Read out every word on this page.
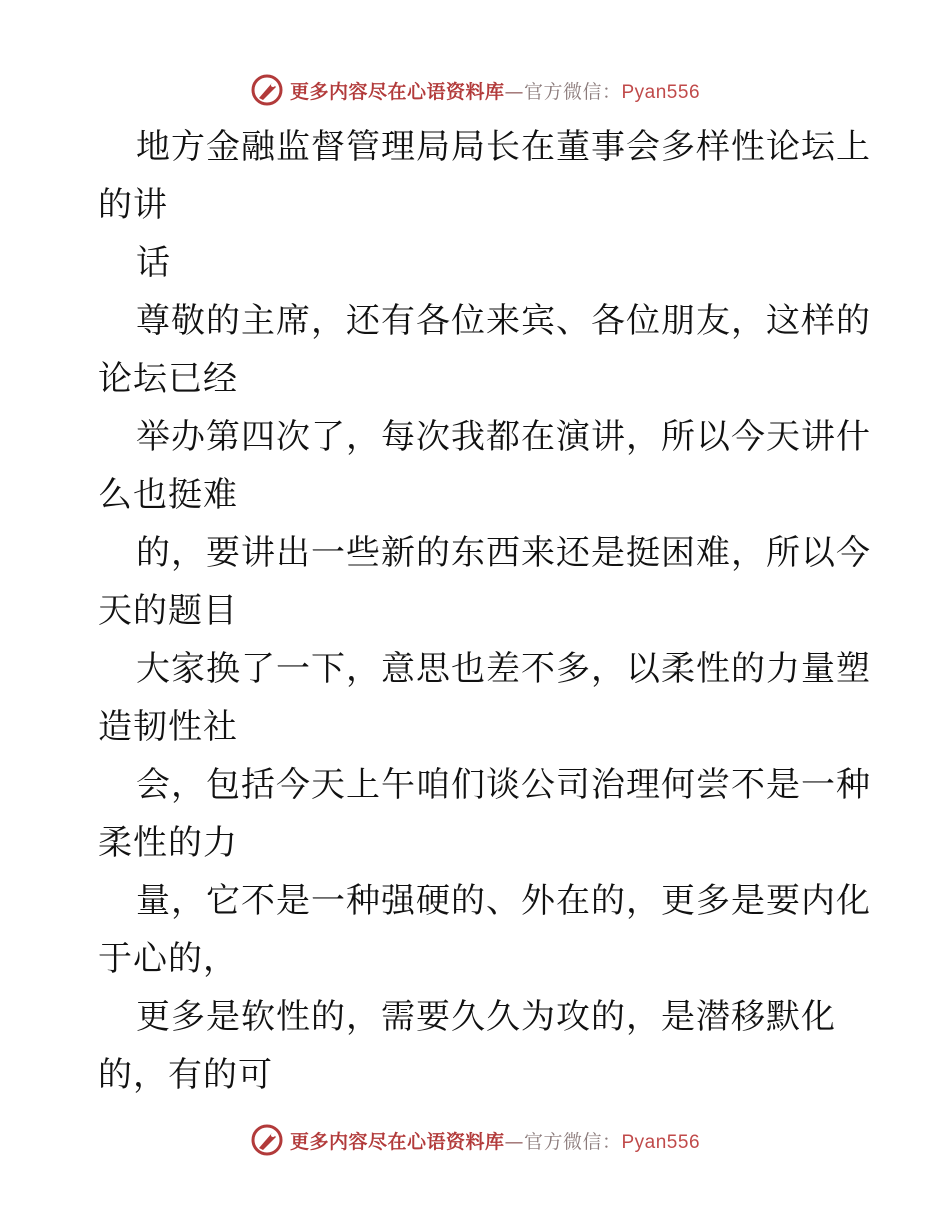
更多内容尽在心语资料库 — 官方微信： Pyan556
地方金融监督管理局局长在董事会多样性论坛上
的讲
话
尊敬的主席，还有各位来宾、各位朋友，这样的
论坛已经
举办第四次了，每次我都在演讲，所以今天讲什
么也挺难
的，要讲出一些新的东西来还是挺困难，所以今
天的题目
大家换了一下，意思也差不多，以柔性的力量塑
造韧性社
会，包括今天上午咱们谈公司治理何尝不是一种
柔性的力
量，它不是一种强硬的、外在的，更多是要内化
于心的，
更多是软性的，需要久久为攻的，是潜移默化
的，有的可
更多内容尽在心语资料库 — 官方微信： Pyan556
